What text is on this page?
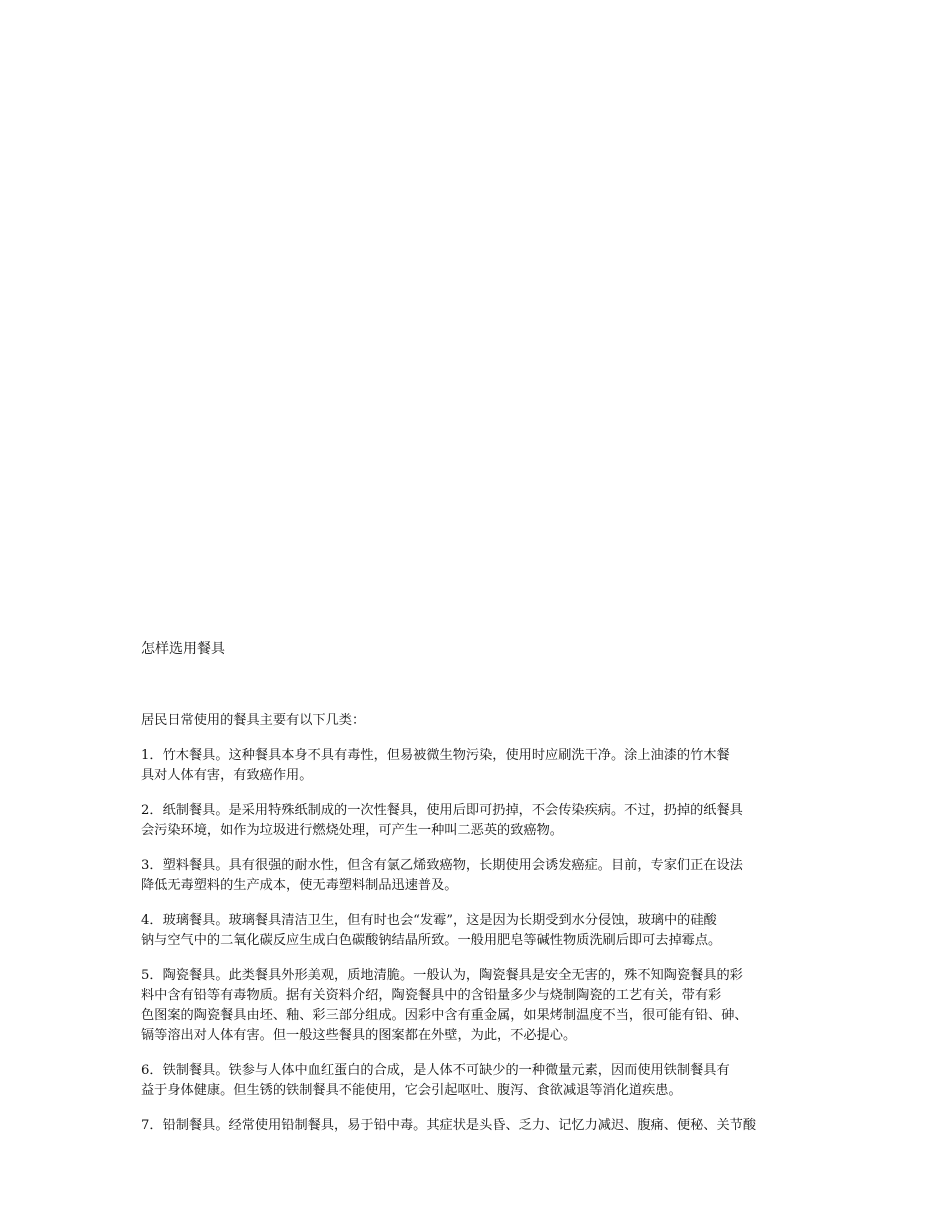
怎样选用餐具

居民日常使用的餐具主要有以下几类：

1．竹木餐具。这种餐具本身不具有毒性，但易被微生物污染，使用时应刷洗干净。涂上油漆的竹木餐
具对人体有害，有致癌作用。

2．纸制餐具。是采用特殊纸制成的一次性餐具，使用后即可扔掉，不会传染疾病。不过，扔掉的纸餐具
会污染环境，如作为垃圾进行燃烧处理，可产生一种叫二恶英的致癌物。

3．塑料餐具。具有很强的耐水性，但含有氯乙烯致癌物，长期使用会诱发癌症。目前，专家们正在设法
降低无毒塑料的生产成本，使无毒塑料制品迅速普及。

4．玻璃餐具。玻璃餐具清洁卫生，但有时也会“发霉”，这是因为长期受到水分侵蚀，玻璃中的硅酸
钠与空气中的二氧化碳反应生成白色碳酸钠结晶所致。一般用肥皂等碱性物质洗刷后即可去掉霉点。

5．陶瓷餐具。此类餐具外形美观，质地清脆。一般认为，陶瓷餐具是安全无害的，殊不知陶瓷餐具的彩
料中含有铅等有毒物质。据有关资料介绍，陶瓷餐具中的含铅量多少与烧制陶瓷的工艺有关，带有彩
色图案的陶瓷餐具由坯、釉、彩三部分组成。因彩中含有重金属，如果烤制温度不当，很可能有铅、砷、
镉等溶出对人体有害。但一般这些餐具的图案都在外壁，为此，不必提心。

6．铁制餐具。铁参与人体中血红蛋白的合成，是人体不可缺少的一种微量元素，因而使用铁制餐具有
益于身体健康。但生锈的铁制餐具不能使用，它会引起呕吐、腹泻、食欲减退等消化道疾患。

7．铅制餐具。经常使用铅制餐具，易于铅中毒。其症状是头昏、乏力、记忆力减迟、腹痛、便秘、关节酸
